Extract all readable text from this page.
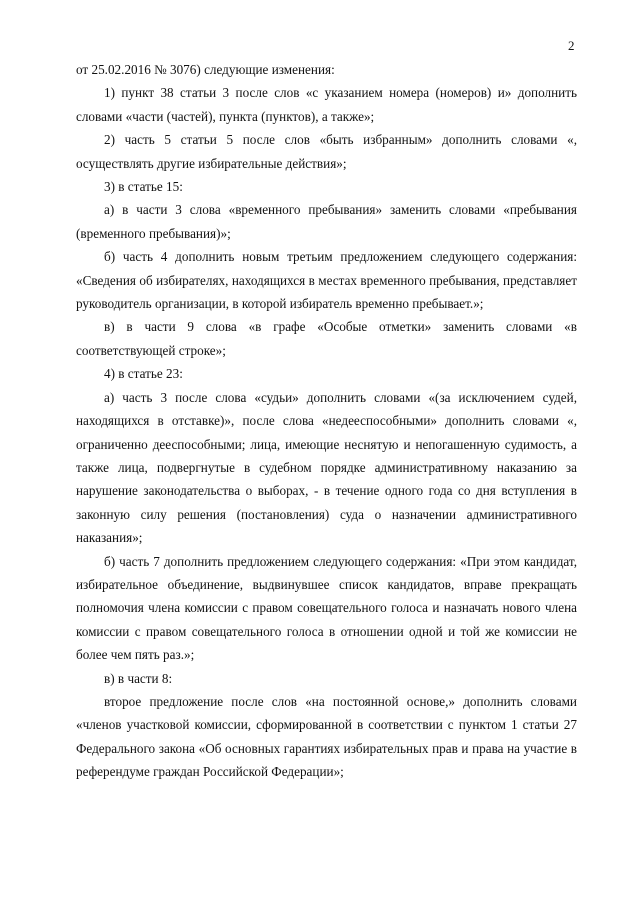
2

от 25.02.2016 № 3076) следующие изменения:

1) пункт 38 статьи 3 после слов «с указанием номера (номеров) и» дополнить словами «части (частей), пункта (пунктов), а также»;

2) часть 5 статьи 5 после слов «быть избранным» дополнить словами «, осуществлять другие избирательные действия»;

3) в статье 15:

а) в части 3 слова «временного пребывания» заменить словами «пребывания (временного пребывания)»;

б) часть 4 дополнить новым третьим предложением следующего содержания: «Сведения об избирателях, находящихся в местах временного пребывания, представляет руководитель организации, в которой избиратель временно пребывает.»;

в) в части 9 слова «в графе «Особые отметки» заменить словами «в соответствующей строке»;

4) в статье 23:

а) часть 3 после слова «судьи» дополнить словами «(за исключением судей, находящихся в отставке)», после слова «недееспособными» дополнить словами «, ограниченно дееспособными; лица, имеющие неснятую и непогашенную судимость, а также лица, подвергнутые в судебном порядке административному наказанию за нарушение законодательства о выборах, - в течение одного года со дня вступления в законную силу решения (постановления) суда о назначении административного наказания»;

б) часть 7 дополнить предложением следующего содержания: «При этом кандидат, избирательное объединение, выдвинувшее список кандидатов, вправе прекращать полномочия члена комиссии с правом совещательного голоса и назначать нового члена комиссии с правом совещательного голоса в отношении одной и той же комиссии не более чем пять раз.»;

в) в части 8:

второе предложение после слов «на постоянной основе,» дополнить словами «членов участковой комиссии, сформированной в соответствии с пунктом 1 статьи 27 Федерального закона «Об основных гарантиях избирательных прав и права на участие в референдуме граждан Российской Федерации»;
